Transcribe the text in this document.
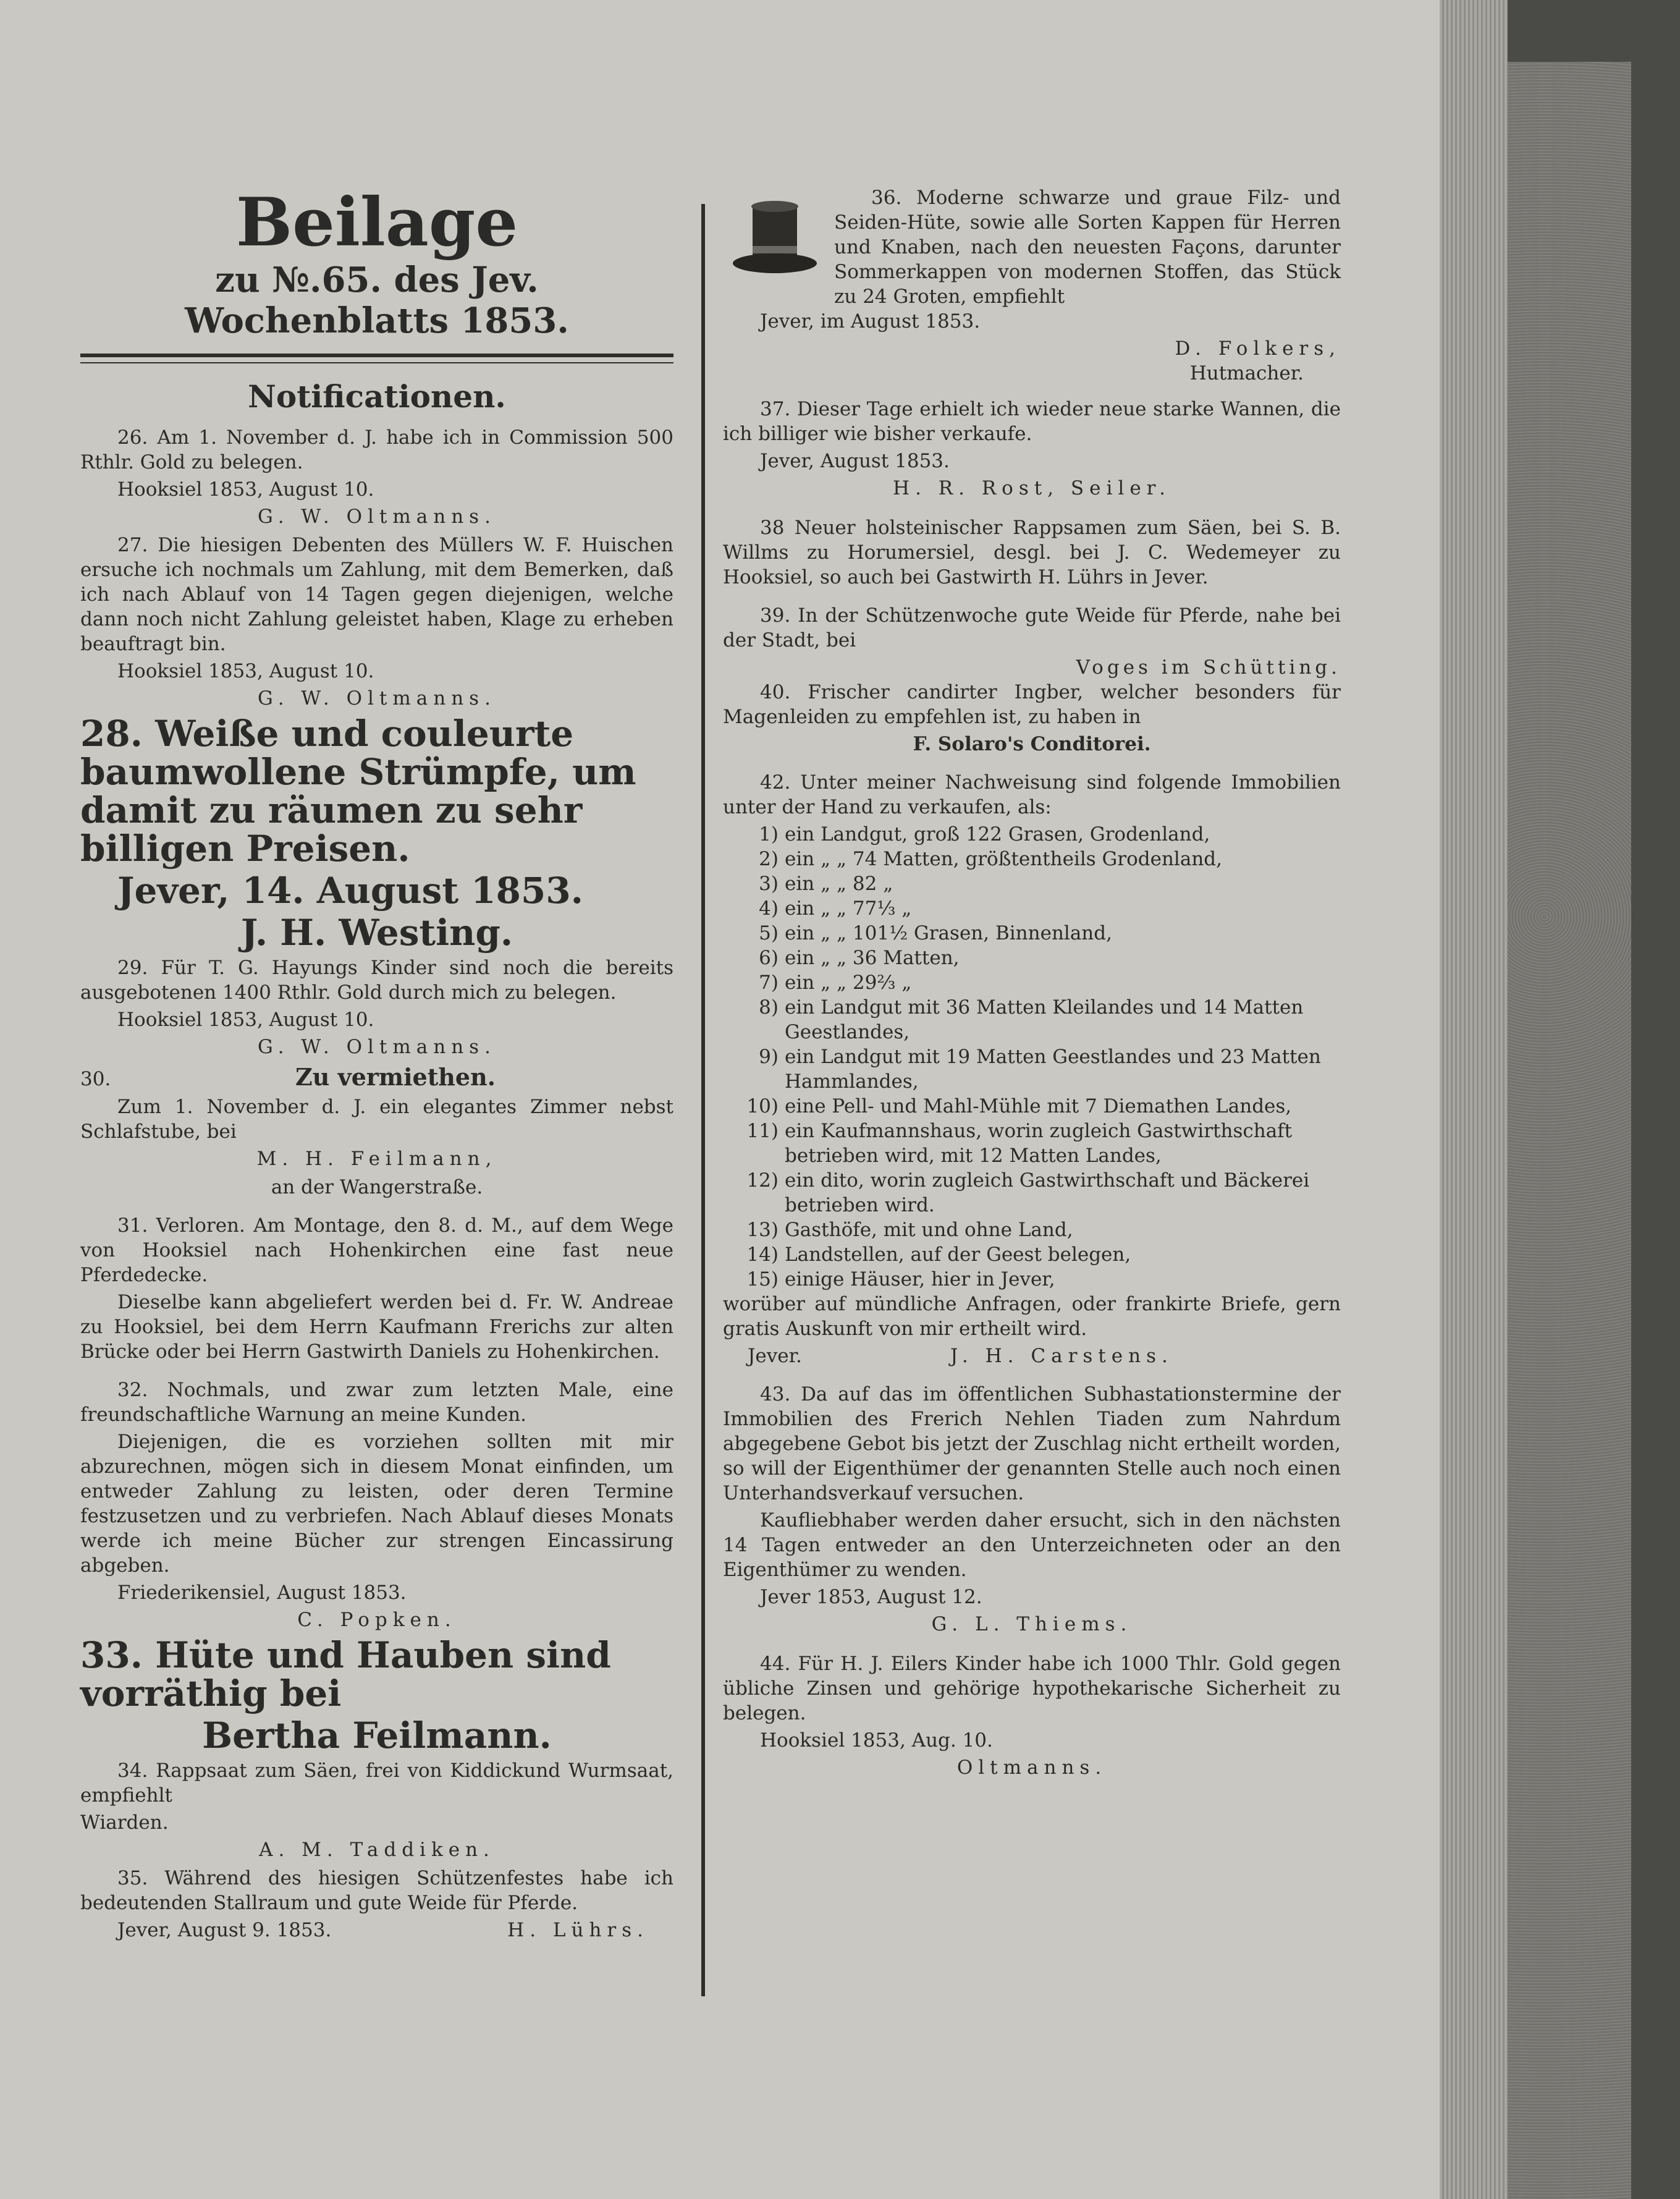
Beilage
zu №.65. des Jev. Wochenblatts 1853.
Notificationen.

26. Am 1. November d. J. habe ich in Commission 500 Rthlr. Gold zu belegen.

Hooksiel 1853, August 10.

G. W. Oltmanns.

27. Die hiesigen Debenten des Müllers W. F. Huischen ersuche ich nochmals um Zahlung, mit dem Bemerken, daß ich nach Ablauf von 14 Tagen gegen diejenigen, welche dann noch nicht Zahlung geleistet haben, Klage zu erheben beauftragt bin.

Hooksiel 1853, August 10.

G. W. Oltmanns.

28. Weiße und couleurte baumwollene Strümpfe, um damit zu räumen zu sehr billigen Preisen.

Jever, 14. August 1853.

J. H. Westing.

29. Für T. G. Hayungs Kinder sind noch die bereits ausgebotenen 1400 Rthlr. Gold durch mich zu belegen.

Hooksiel 1853, August 10.

G. W. Oltmanns.

30.	Zu vermiethen.

Zum 1. November d. J. ein elegantes Zimmer nebst Schlafstube, bei

M. H. Feilmann,

an der Wangerstraße.

31. Verloren. Am Montage, den 8. d. M., auf dem Wege von Hooksiel nach Hohenkirchen eine fast neue Pferdedecke.

Dieselbe kann abgeliefert werden bei d. Fr. W. Andreae zu Hooksiel, bei dem Herrn Kaufmann Frerichs zur alten Brücke oder bei Herrn Gastwirth Daniels zu Hohenkirchen.

32. Nochmals, und zwar zum letzten Male, eine freundschaftliche Warnung an meine Kunden.

Diejenigen, die es vorziehen sollten mit mir abzurechnen, mögen sich in diesem Monat einfinden, um entweder Zahlung zu leisten, oder deren Termine festzusetzen und zu verbriefen. Nach Ablauf dieses Monats werde ich meine Bücher zur strengen Eincassirung abgeben.

Friederikensiel, August 1853.

C. Popken.

33. Hüte und Hauben sind vorräthig bei

Bertha Feilmann.

34. Rappsaat zum Säen, frei von Kiddickund Wurmsaat, empfiehlt

Wiarden.

A. M. Taddiken.

35. Während des hiesigen Schützenfestes habe ich bedeutenden Stallraum und gute Weide für Pferde.

Jever, August 9. 1853.	H. Lührs.

36. Moderne schwarze und graue Filz- und Seiden-Hüte, sowie alle Sorten Kappen für Herren und Knaben, nach den neuesten Façons, darunter Sommerkappen von modernen Stoffen, das Stück zu 24 Groten, empfiehlt

Jever, im August 1853.

D. Folkers,

Hutmacher.

37. Dieser Tage erhielt ich wieder neue starke Wannen, die ich billiger wie bisher verkaufe.

Jever, August 1853.

H. R. Rost, Seiler.

38 Neuer holsteinischer Rappsamen zum Säen, bei S. B. Willms zu Horumersiel, desgl. bei J. C. Wedemeyer zu Hooksiel, so auch bei Gastwirth H. Lührs in Jever.

39. In der Schützenwoche gute Weide für Pferde, nahe bei der Stadt, bei

Voges im Schütting.

40. Frischer candirter Ingber, welcher besonders für Magenleiden zu empfehlen ist, zu haben in

F. Solaro's Conditorei.

42. Unter meiner Nachweisung sind folgende Immobilien unter der Hand zu verkaufen, als:

1)	ein Landgut, groß 122 Grasen, Grodenland,
2)	ein „ „ 74 Matten, größtentheils Grodenland,
3)	ein „ „ 82 „
4)	ein „ „ 77⅓ „
5)	ein „ „ 101½ Grasen, Binnenland,
6)	ein „ „ 36 Matten,
7)	ein „ „ 29⅔ „
8)	ein Landgut mit 36 Matten Kleilandes und 14 Matten Geestlandes,
9)	ein Landgut mit 19 Matten Geestlandes und 23 Matten Hammlandes,
10)	eine Pell- und Mahl-Mühle mit 7 Diemathen Landes,
11)	ein Kaufmannshaus, worin zugleich Gastwirthschaft betrieben wird, mit 12 Matten Landes,
12)	ein dito, worin zugleich Gastwirthschaft und Bäckerei betrieben wird.
13)	Gasthöfe, mit und ohne Land,
14)	Landstellen, auf der Geest belegen,
15)	einige Häuser, hier in Jever,

worüber auf mündliche Anfragen, oder frankirte Briefe, gern gratis Auskunft von mir ertheilt wird.

Jever.	J. H. Carstens.

43. Da auf das im öffentlichen Subhastationstermine der Immobilien des Frerich Nehlen Tiaden zum Nahrdum abgegebene Gebot bis jetzt der Zuschlag nicht ertheilt worden, so will der Eigenthümer der genannten Stelle auch noch einen Unterhandsverkauf versuchen.

Kaufliebhaber werden daher ersucht, sich in den nächsten 14 Tagen entweder an den Unterzeichneten oder an den Eigenthümer zu wenden.

Jever 1853, August 12.

G. L. Thiems.

44. Für H. J. Eilers Kinder habe ich 1000 Thlr. Gold gegen übliche Zinsen und gehörige hypothekarische Sicherheit zu belegen.

Hooksiel 1853, Aug. 10.

Oltmanns.
